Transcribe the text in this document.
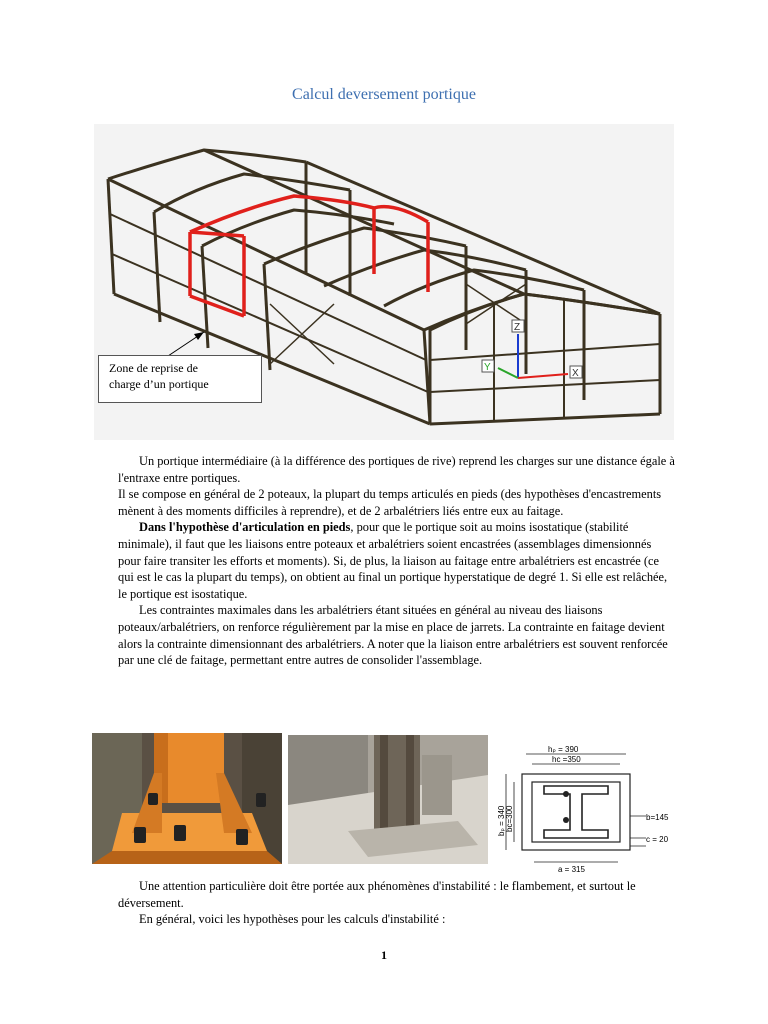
Calcul deversement portique
Z
X
Y
Zone de reprise de
charge d’un portique

Un portique intermédiaire (à la différence des portiques de rive) reprend les charges sur une distance égale à l'entraxe entre portiques.

Il se compose en général de 2 poteaux, la plupart du temps articulés en pieds (des hypothèses d'encastrements mènent à des moments difficiles à reprendre), et de 2 arbalétriers liés entre eux au faitage.

Dans l'hypothèse d'articulation en pieds, pour que le portique soit au moins isostatique (stabilité minimale), il faut que les liaisons entre poteaux et arbalétriers soient encastrées (assemblages dimensionnés pour faire transiter les efforts et moments). Si, de plus, la liaison au faitage entre arbalétriers est encastrée (ce qui est le cas la plupart du temps), on obtient au final un portique hyperstatique de degré 1. Si elle est relâchée, le portique est isostatique.

Les contraintes maximales dans les arbalétriers étant situées en général au niveau des liaisons poteaux/arbalétriers, on renforce régulièrement par la mise en place de jarrets. La contrainte en faitage devient alors la contrainte dimensionnant des arbalétriers. A noter que la liaison entre arbalétriers est souvent renforcée par une clé de faitage, permettant entre autres de consolider l'assemblage.

hₚ = 390
hᴄ =350
bₚ = 340 bᴄ=300	b=145
c = 20
a = 315

Une attention particulière doit être portée aux phénomènes d'instabilité : le flambement, et surtout le déversement.

En général, voici les hypothèses pour les calculs d'instabilité :

1
